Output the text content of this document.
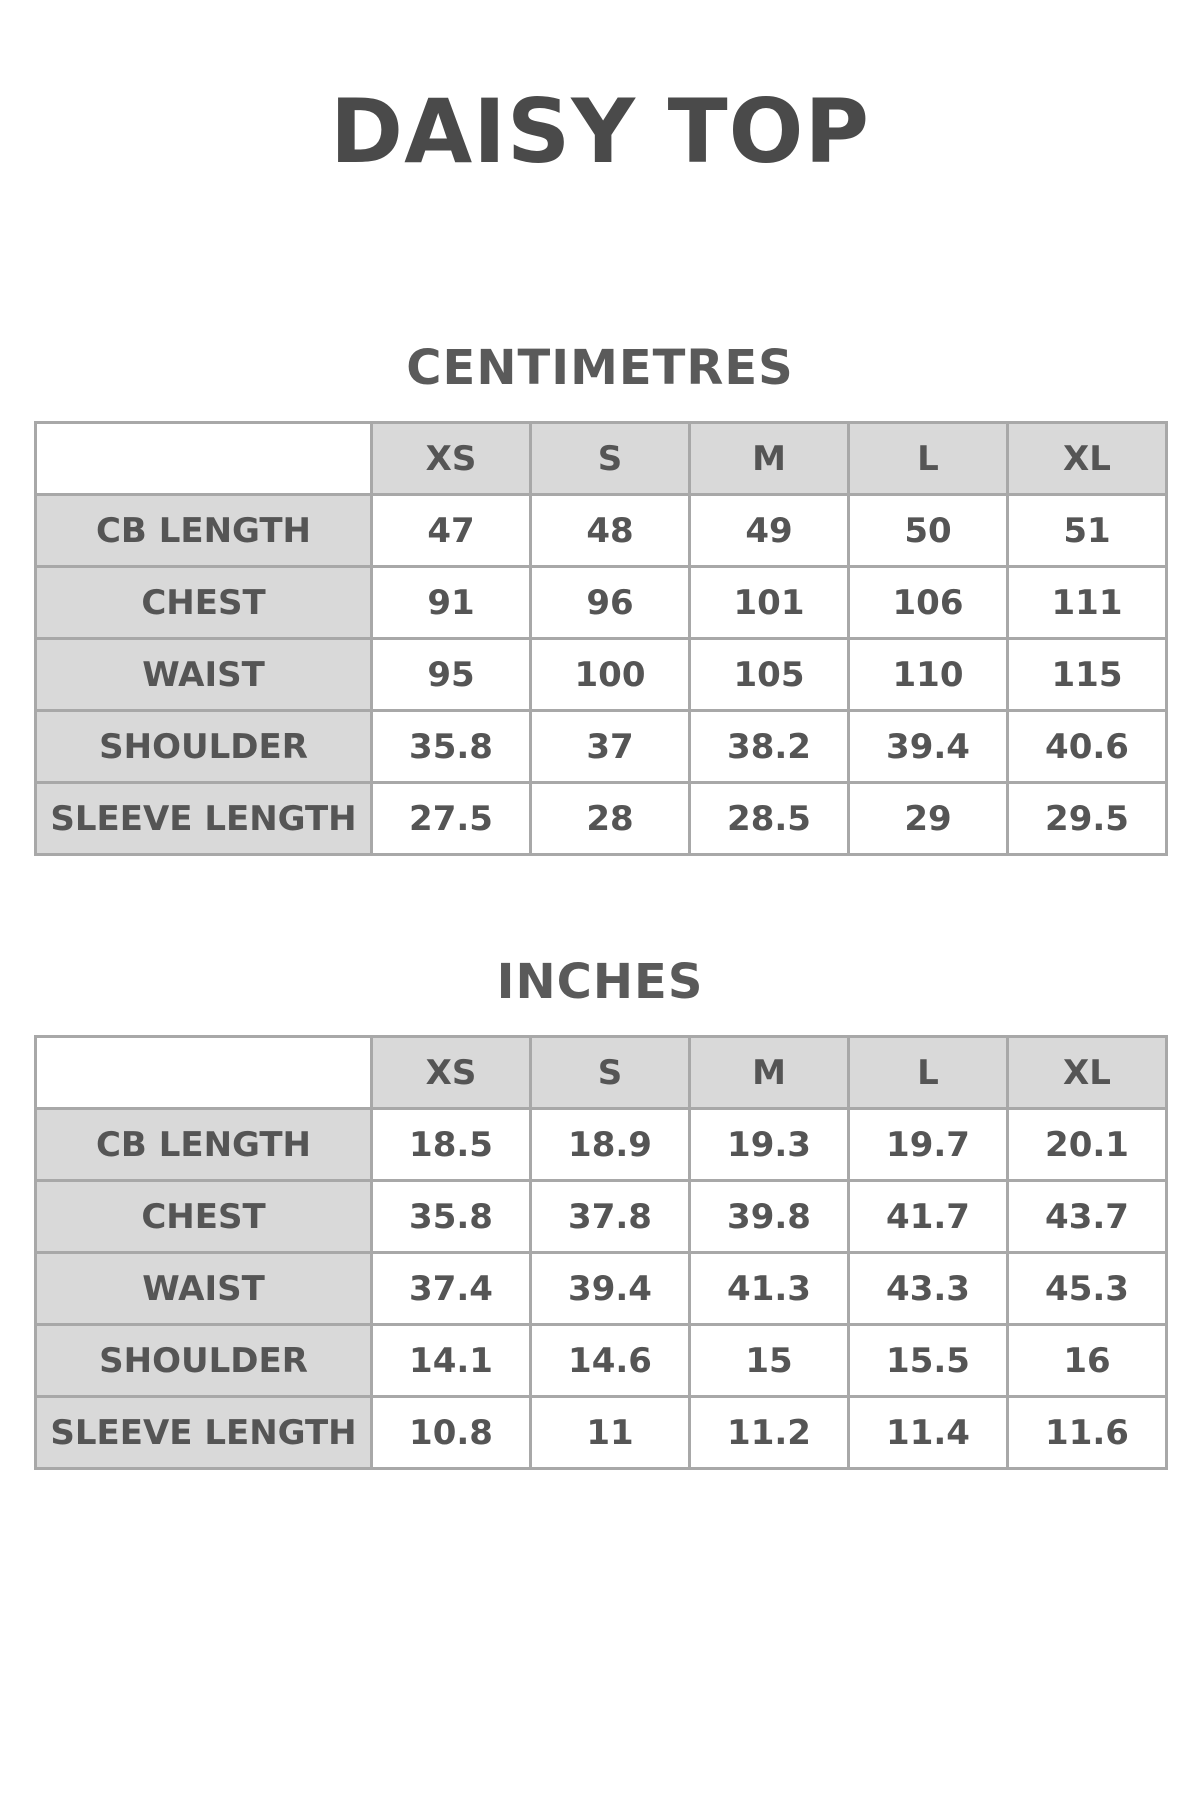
DAISY TOP
CENTIMETRES
	XS	S	M	L	XL
CB LENGTH	47	48	49	50	51
CHEST	91	96	101	106	111
WAIST	95	100	105	110	115
SHOULDER	35.8	37	38.2	39.4	40.6
SLEEVE LENGTH	27.5	28	28.5	29	29.5
INCHES
	XS	S	M	L	XL
CB LENGTH	18.5	18.9	19.3	19.7	20.1
CHEST	35.8	37.8	39.8	41.7	43.7
WAIST	37.4	39.4	41.3	43.3	45.3
SHOULDER	14.1	14.6	15	15.5	16
SLEEVE LENGTH	10.8	11	11.2	11.4	11.6
